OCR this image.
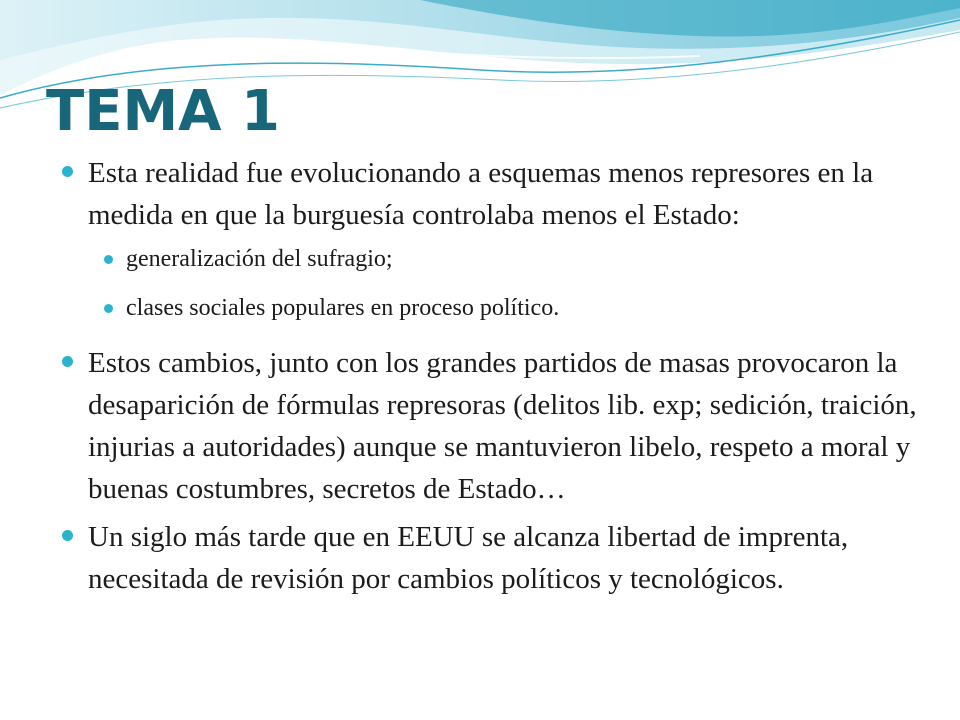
TEMA 1
Esta realidad fue evolucionando a esquemas menos represores en la medida en que la burguesía controlaba menos el Estado:
generalización del sufragio;
clases sociales populares en proceso político.
Estos cambios, junto con los grandes partidos de masas provocaron la desaparición de fórmulas represoras (delitos lib. exp; sedición, traición, injurias a autoridades) aunque se mantuvieron libelo, respeto a moral y buenas costumbres, secretos de Estado…
Un siglo más tarde que en EEUU se alcanza libertad de imprenta, necesitada de revisión por cambios políticos y tecnológicos.
